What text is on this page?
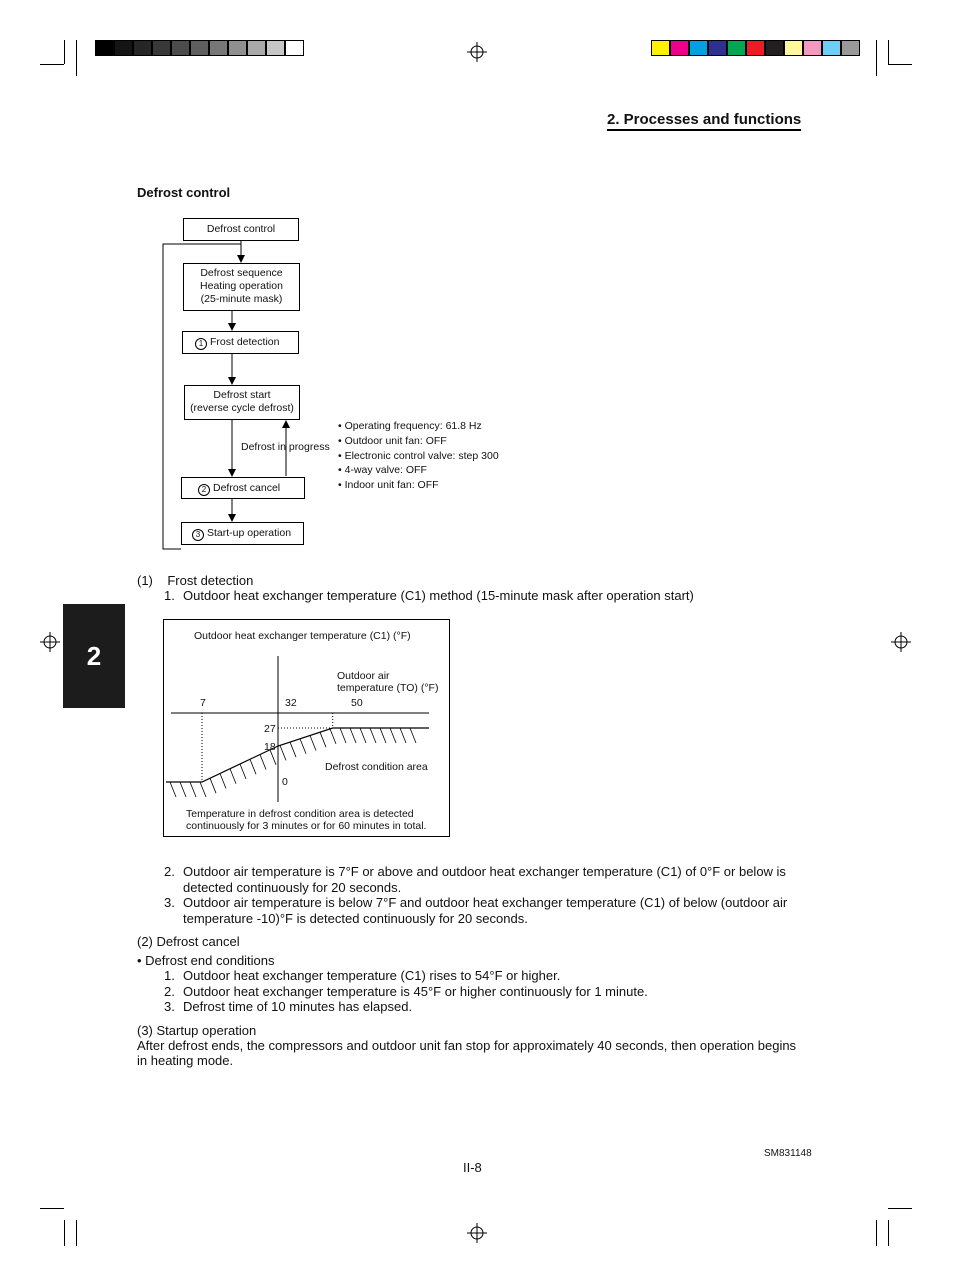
2. Processes and functions
2
Defrost control
Defrost control
Defrost sequence
Heating operation
(25-minute mask)
1 Frost detection
Defrost start
(reverse cycle defrost)
Defrost in progress
2 Defrost cancel
3 Start-up operation
• Operating frequency: 61.8 Hz
• Outdoor unit fan: OFF
• Electronic control valve: step 300
• 4-way valve: OFF
• Indoor unit fan: OFF
(1) Frost detection
1. Outdoor heat exchanger temperature (C1) method (15-minute mask after operation start)
Outdoor heat exchanger temperature (C1) (°F)
Outdoor air
temperature (TO) (°F)
7	32	50
27
18
0
Defrost condition area
Temperature in defrost condition area is detected
continuously for 3 minutes or for 60 minutes in total.
2. Outdoor air temperature is 7°F or above and outdoor heat exchanger temperature (C1) of 0°F or below is
detected continuously for 20 seconds.
3. Outdoor air temperature is below 7°F and outdoor heat exchanger temperature (C1) of below (outdoor air
temperature -10)°F is detected continuously for 20 seconds.
(2) Defrost cancel
• Defrost end conditions
1. Outdoor heat exchanger temperature (C1) rises to 54°F or higher.
2. Outdoor heat exchanger temperature is 45°F or higher continuously for 1 minute.
3. Defrost time of 10 minutes has elapsed.
(3) Startup operation
After defrost ends, the compressors and outdoor unit fan stop for approximately 40 seconds, then operation begins
in heating mode.
SM831148
II-8
